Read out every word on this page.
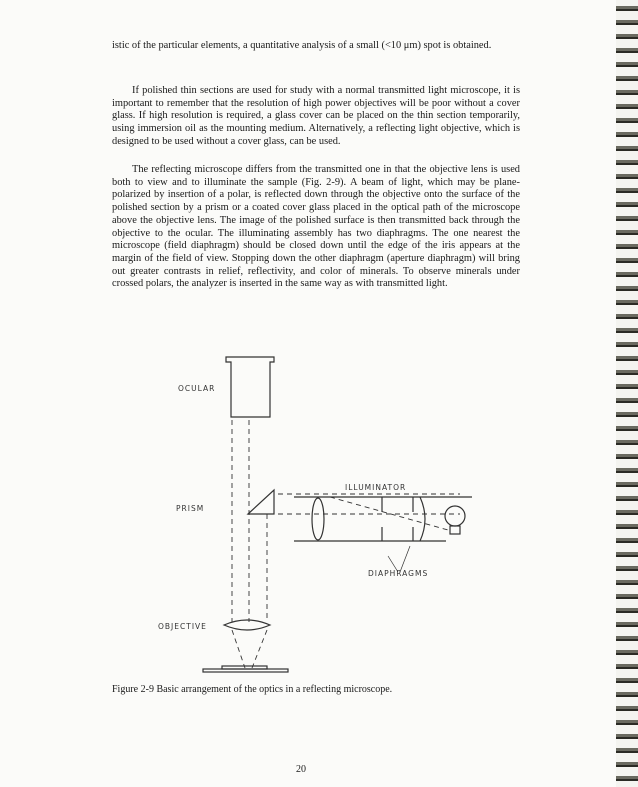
istic of the particular elements, a quantitative analysis of a small (<10 μm) spot is obtained.

If polished thin sections are used for study with a normal transmitted light microscope, it is important to remember that the resolution of high power objectives will be poor without a cover glass. If high resolution is required, a glass cover can be placed on the thin section temporarily, using immersion oil as the mounting medium. Alternatively, a reflecting light objective, which is designed to be used without a cover glass, can be used.

The reflecting microscope differs from the transmitted one in that the objective lens is used both to view and to illuminate the sample (Fig. 2-9). A beam of light, which may be plane-polarized by insertion of a polar, is reflected down through the objective onto the surface of the polished section by a prism or a coated cover glass placed in the optical path of the microscope above the objective lens. The image of the polished surface is then transmitted back through the objective to the ocular. The illuminating assembly has two diaphragms. The one nearest the microscope (field diaphragm) should be closed down until the edge of the iris appears at the margin of the field of view. Stopping down the other diaphragm (aperture diaphragm) will bring out greater contrasts in relief, reflectivity, and color of minerals. To observe minerals under crossed polars, the analyzer is inserted in the same way as with transmitted light.

OCULAR
PRISM
ILLUMINATOR
DIAPHRAGMS
OBJECTIVE
Figure 2-9 Basic arrangement of the optics in a reflecting microscope.
20
